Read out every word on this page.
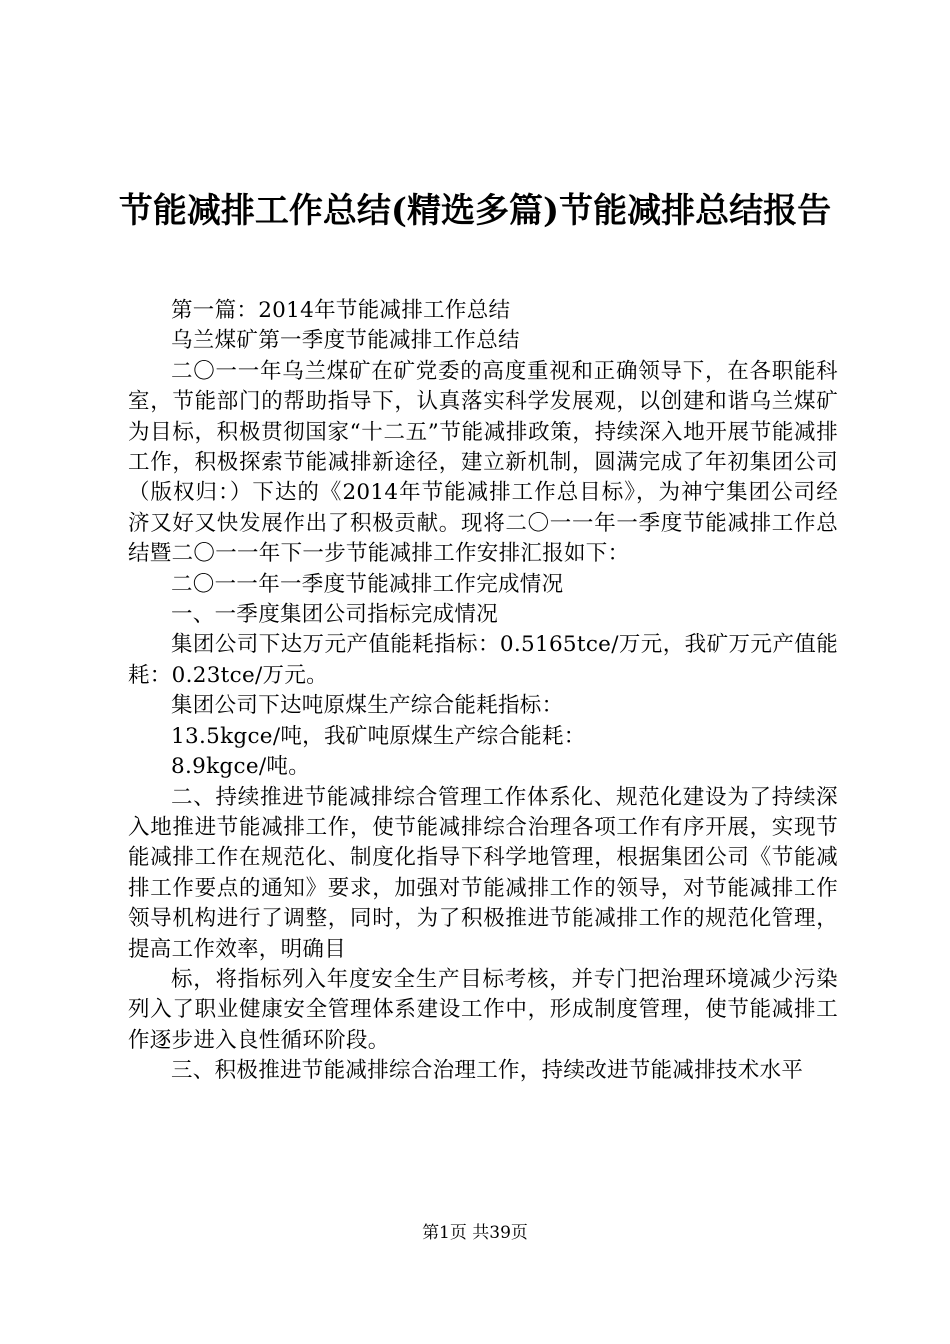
节能减排工作总结(精选多篇)节能减排总结报告

第一篇：2014年节能减排工作总结

乌兰煤矿第一季度节能减排工作总结

二〇一一年乌兰煤矿在矿党委的高度重视和正确领导下，在各职能科室，节能部门的帮助指导下，认真落实科学发展观，以创建和谐乌兰煤矿为目标，积极贯彻国家“十二五”节能减排政策，持续深入地开展节能减排工作，积极探索节能减排新途径，建立新机制，圆满完成了年初集团公司（版权归：）下达的《2014年节能减排工作总目标》，为神宁集团公司经济又好又快发展作出了积极贡献。现将二〇一一年一季度节能减排工作总结暨二〇一一年下一步节能减排工作安排汇报如下：

二〇一一年一季度节能减排工作完成情况

一、一季度集团公司指标完成情况

集团公司下达万元产值能耗指标：0.5165tce/万元，我矿万元产值能耗：0.23tce/万元。

集团公司下达吨原煤生产综合能耗指标：

13.5kgce/吨，我矿吨原煤生产综合能耗：

8.9kgce/吨。

二、持续推进节能减排综合管理工作体系化、规范化建设为了持续深入地推进节能减排工作，使节能减排综合治理各项工作有序开展，实现节能减排工作在规范化、制度化指导下科学地管理，根据集团公司《节能减排工作要点的通知》要求，加强对节能减排工作的领导，对节能减排工作领导机构进行了调整，同时，为了积极推进节能减排工作的规范化管理，提高工作效率，明确目

标，将指标列入年度安全生产目标考核，并专门把治理环境减少污染列入了职业健康安全管理体系建设工作中，形成制度管理，使节能减排工作逐步进入良性循环阶段。

三、积极推进节能减排综合治理工作，持续改进节能减排技术水平

第1页 共39页
